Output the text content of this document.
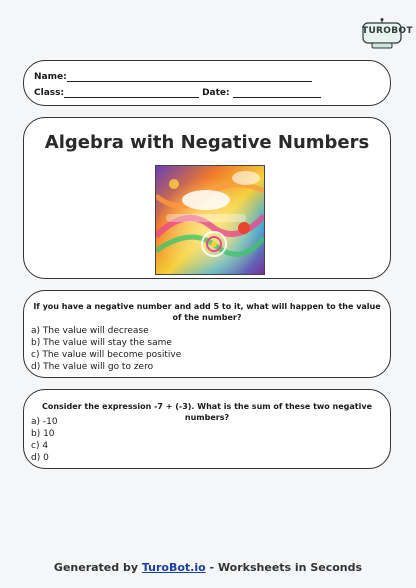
TUROBOT
Name:
Class:	Date:
Algebra with Negative Numbers
If you have a negative number and add 5 to it, what will happen to the value of the number?
a) The value will decrease
b) The value will stay the same
c) The value will become positive
d) The value will go to zero
Consider the expression -7 + (-3). What is the sum of these two negative numbers?
a) -10
b) 10
c) 4
d) 0
Generated by TuroBot.io - Worksheets in Seconds
